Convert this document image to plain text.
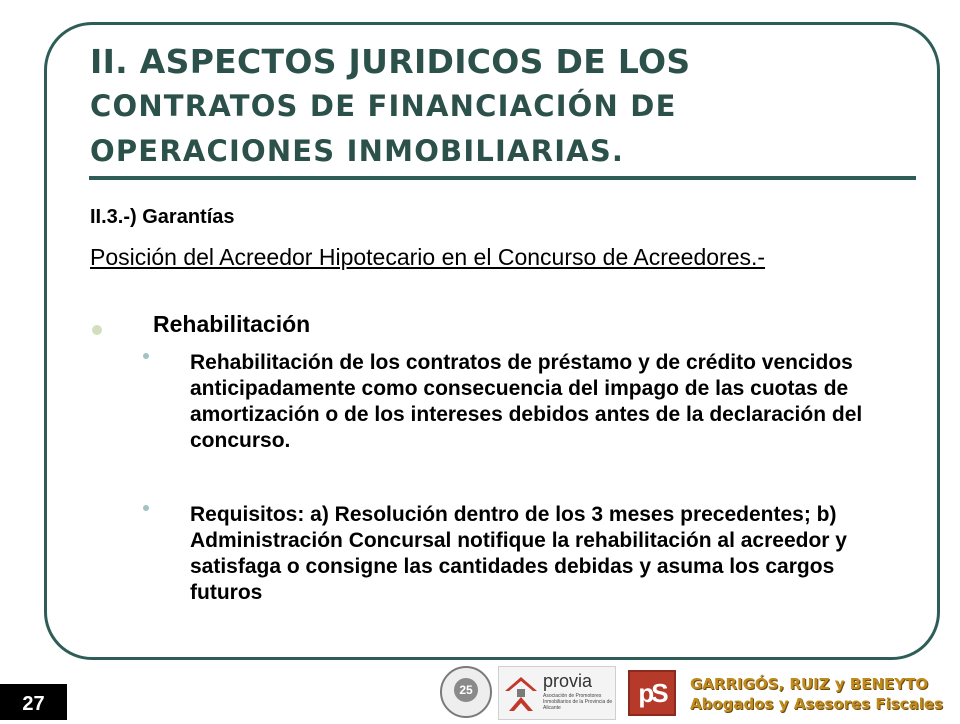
II. ASPECTOS JURIDICOS DE LOS
CONTRATOS DE FINANCIACIÓN DE
OPERACIONES INMOBILIARIAS.
II.3.-) Garantías
Posición del Acreedor Hipotecario en el Concurso de Acreedores.-
Rehabilitación

Rehabilitación de los contratos de préstamo y de crédito vencidos anticipadamente como consecuencia del impago de las cuotas de amortización o de los intereses debidos antes de la declaración del concurso.

Requisitos: a) Resolución dentro de los 3 meses precedentes; b) Administración Concursal notifique la rehabilitación al acreedor y satisfaga o consigne las cantidades debidas y asuma los cargos futuros

27
25	provia
Asociación de Promotores Inmobiliarios de la Provincia de Alicante	pS	GARRIGÓS, RUIZ y BENEYTO
Abogados y Asesores Fiscales
